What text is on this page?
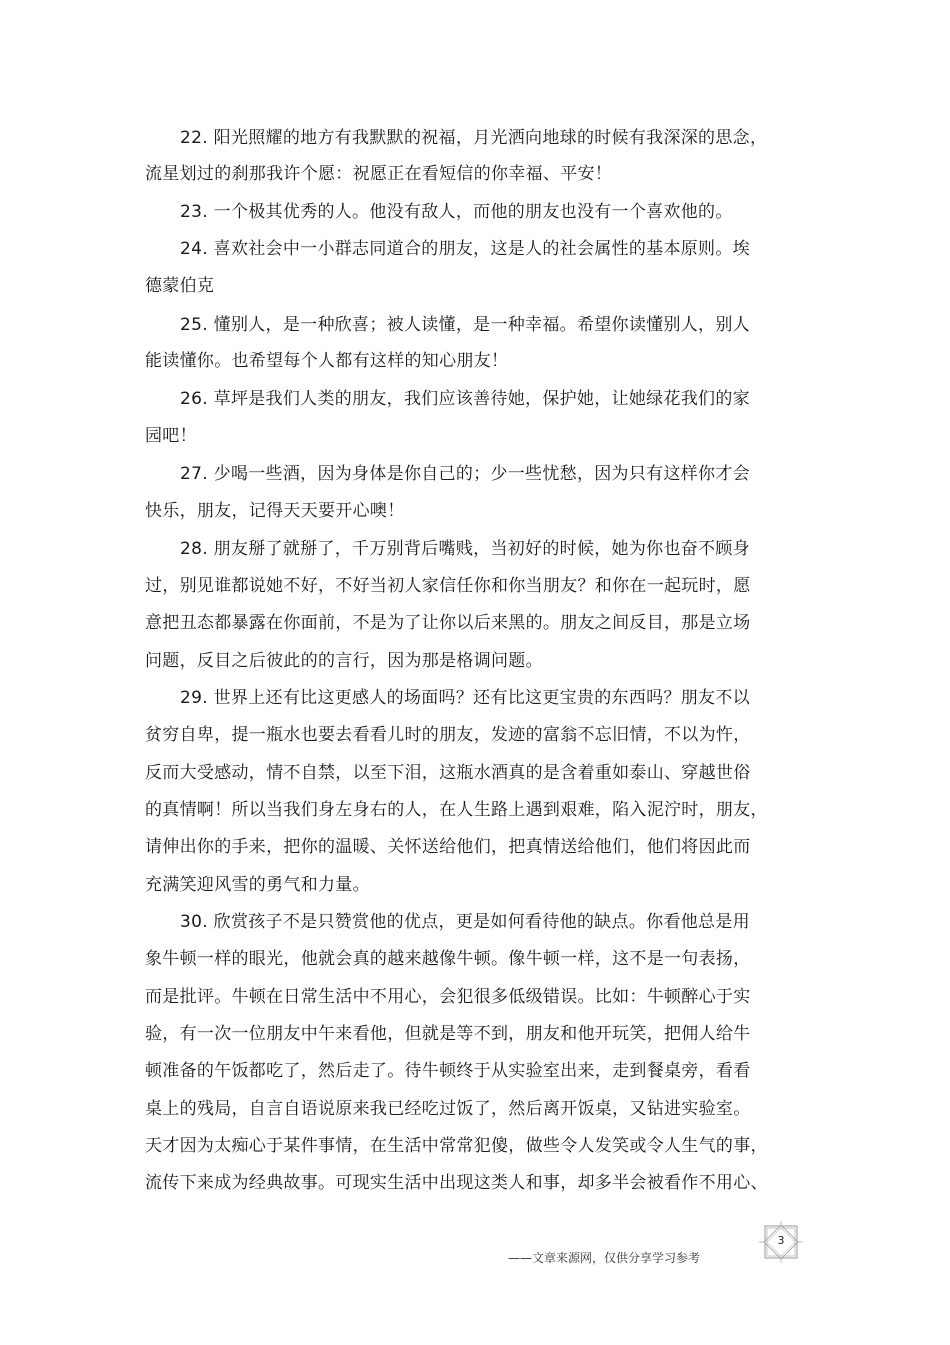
22. 阳光照耀的地方有我默默的祝福，月光洒向地球的时候有我深深的思念，
流星划过的刹那我许个愿：祝愿正在看短信的你幸福、平安！
23. 一个极其优秀的人。他没有敌人，而他的朋友也没有一个喜欢他的。
24. 喜欢社会中一小群志同道合的朋友，这是人的社会属性的基本原则。埃
德蒙伯克
25. 懂别人，是一种欣喜；被人读懂，是一种幸福。希望你读懂别人，别人
能读懂你。也希望每个人都有这样的知心朋友！
26. 草坪是我们人类的朋友，我们应该善待她，保护她，让她绿花我们的家
园吧！
27. 少喝一些酒，因为身体是你自己的；少一些忧愁，因为只有这样你才会
快乐，朋友，记得天天要开心噢！
28. 朋友掰了就掰了，千万别背后嘴贱，当初好的时候，她为你也奋不顾身
过，别见谁都说她不好，不好当初人家信任你和你当朋友？和你在一起玩时，愿
意把丑态都暴露在你面前，不是为了让你以后来黑的。朋友之间反目，那是立场
问题，反目之后彼此的的言行，因为那是格调问题。
29. 世界上还有比这更感人的场面吗？还有比这更宝贵的东西吗？朋友不以
贫穷自卑，提一瓶水也要去看看儿时的朋友，发迹的富翁不忘旧情，不以为忤，
反而大受感动，情不自禁，以至下泪，这瓶水酒真的是含着重如泰山、穿越世俗
的真情啊！所以当我们身左身右的人，在人生路上遇到艰难，陷入泥泞时，朋友，
请伸出你的手来，把你的温暖、关怀送给他们，把真情送给他们，他们将因此而
充满笑迎风雪的勇气和力量。
30. 欣赏孩子不是只赞赏他的优点，更是如何看待他的缺点。你看他总是用
象牛顿一样的眼光，他就会真的越来越像牛顿。像牛顿一样，这不是一句表扬，
而是批评。牛顿在日常生活中不用心，会犯很多低级错误。比如：牛顿醉心于实
验，有一次一位朋友中午来看他，但就是等不到，朋友和他开玩笑，把佣人给牛
顿准备的午饭都吃了，然后走了。待牛顿终于从实验室出来，走到餐桌旁，看看
桌上的残局，自言自语说原来我已经吃过饭了，然后离开饭桌，又钻进实验室。
天才因为太痴心于某件事情，在生活中常常犯傻，做些令人发笑或令人生气的事，
流传下来成为经典故事。可现实生活中出现这类人和事，却多半会被看作不用心、
——文章来源网，仅供分享学习参考
3
